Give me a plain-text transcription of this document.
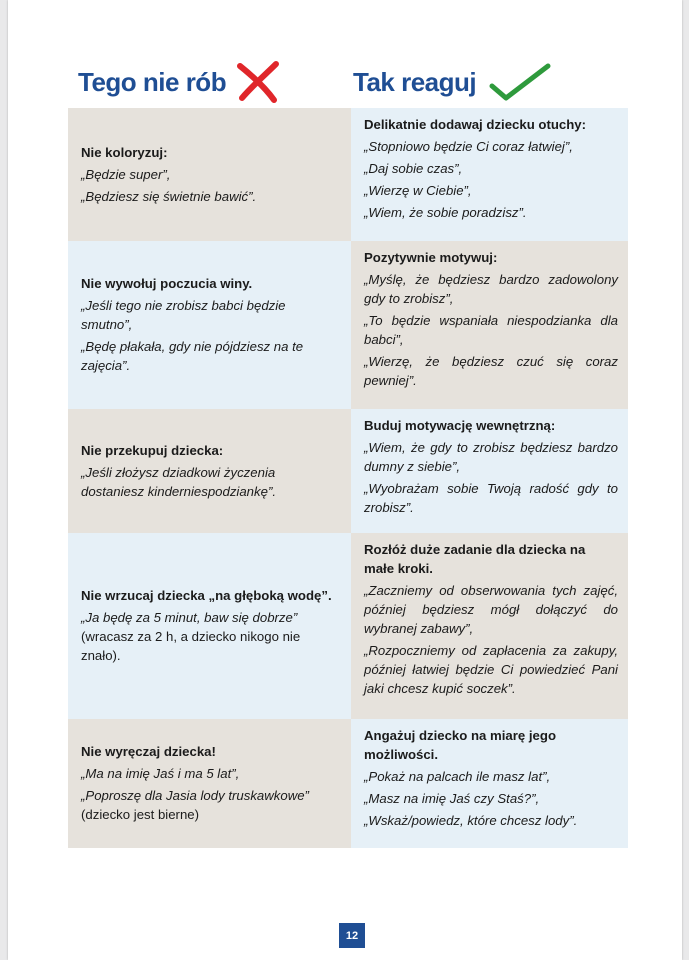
Tego nie rób	Tak reaguj
Nie koloryzuj:
„Będzie super”,
„Będziesz się świetnie bawić”.
Delikatnie dodawaj dziecku otuchy:
„Stopniowo będzie Ci coraz łatwiej”,
„Daj sobie czas”,
„Wierzę w Ciebie”,
„Wiem, że sobie poradzisz”.
Nie wywołuj poczucia winy.
„Jeśli tego nie zrobisz babci będzie smutno”,
„Będę płakała, gdy nie pójdziesz na te zajęcia”.
Pozytywnie motywuj:
„Myślę, że będziesz bardzo zadowolony gdy to zrobisz”,
„To będzie wspaniała niespodzianka dla babci”,
„Wierzę, że będziesz czuć się coraz pewniej”.
Nie przekupuj dziecka:
„Jeśli złożysz dziadkowi życzenia dostaniesz kinderniespodziankę”.
Buduj motywację wewnętrzną:
„Wiem, że gdy to zrobisz będziesz bardzo dumny z siebie”,
„Wyobrażam sobie Twoją radość gdy to zrobisz”.
Nie wrzucaj dziecka „na głęboką wodę”.
„Ja będę za 5 minut, baw się dobrze” (wracasz za 2 h, a dziecko nikogo nie znało).
Rozłóż duże zadanie dla dziecka na małe kroki.
„Zaczniemy od obserwowania tych zajęć, później będziesz mógł dołączyć do wybranej zabawy”,
„Rozpoczniemy od zapłacenia za zakupy, później łatwiej będzie Ci powiedzieć Pani jaki chcesz kupić soczek”.
Nie wyręczaj dziecka!
„Ma na imię Jaś i ma 5 lat”,
„Poproszę dla Jasia lody truskawkowe” (dziecko jest bierne)
Angażuj dziecko na miarę jego możliwości.
„Pokaż na palcach ile masz lat”,
„Masz na imię Jaś czy Staś?”,
„Wskaż/powiedz, które chcesz lody”.
12
